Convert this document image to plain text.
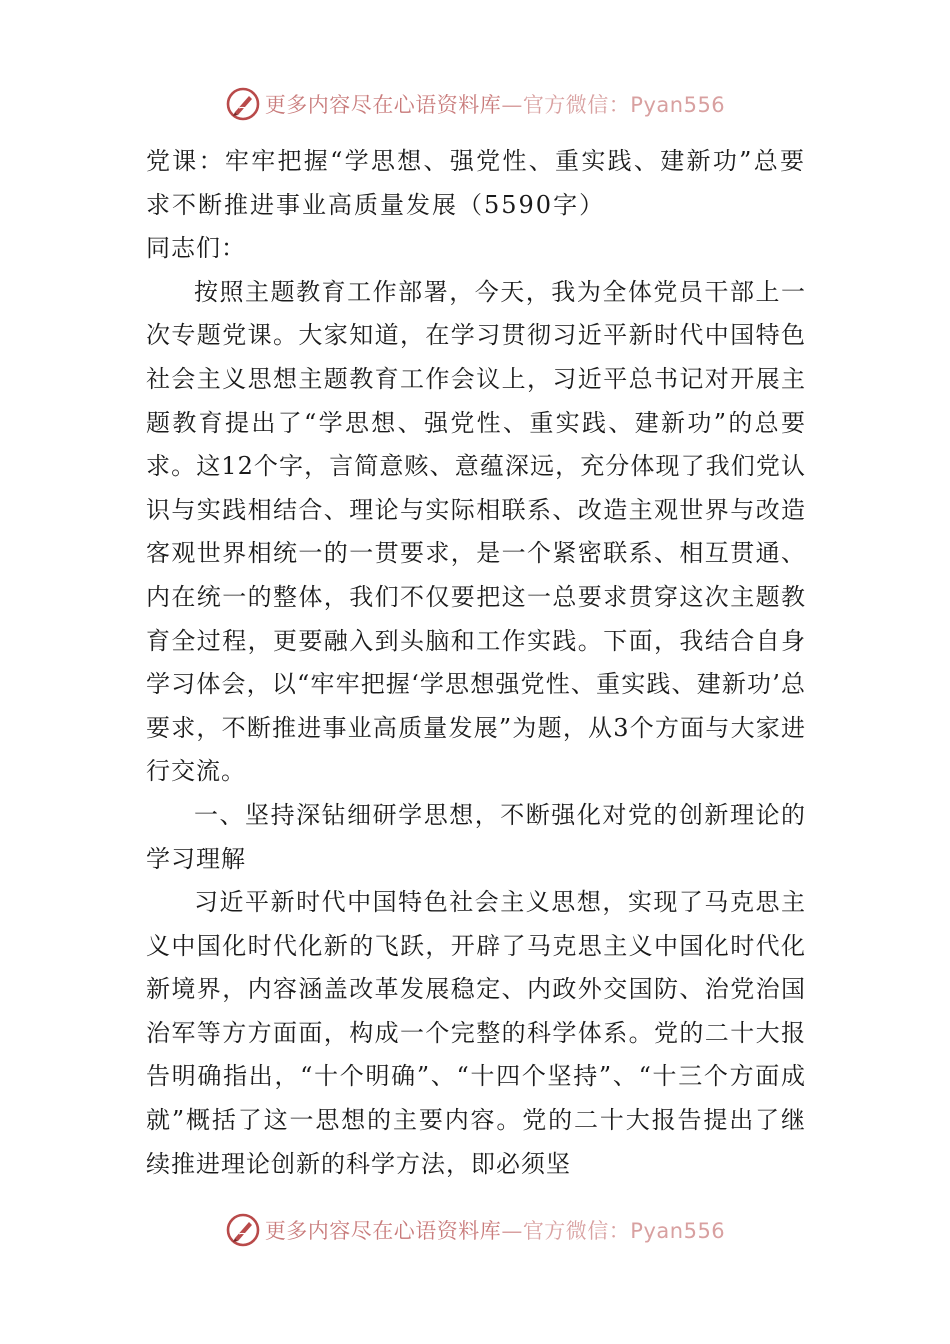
更多内容尽在心语资料库—官方微信：Pyan556

党课：牢牢把握“学思想、强党性、重实践、建新功”总要求不断推进事业高质量发展（5590字）

同志们：

按照主题教育工作部署，今天，我为全体党员干部上一次专题党课。大家知道，在学习贯彻习近平新时代中国特色社会主义思想主题教育工作会议上，习近平总书记对开展主题教育提出了“学思想、强党性、重实践、建新功”的总要求。这12个字，言简意赅、意蕴深远，充分体现了我们党认识与实践相结合、理论与实际相联系、改造主观世界与改造客观世界相统一的一贯要求，是一个紧密联系、相互贯通、内在统一的整体，我们不仅要把这一总要求贯穿这次主题教育全过程，更要融入到头脑和工作实践。下面，我结合自身学习体会，以“牢牢把握‘学思想强党性、重实践、建新功’总要求，不断推进事业高质量发展”为题，从3个方面与大家进行交流。

一、坚持深钻细研学思想，不断强化对党的创新理论的学习理解

习近平新时代中国特色社会主义思想，实现了马克思主义中国化时代化新的飞跃，开辟了马克思主义中国化时代化新境界，内容涵盖改革发展稳定、内政外交国防、治党治国治军等方方面面，构成一个完整的科学体系。党的二十大报告明确指出，“十个明确”、“十四个坚持”、“十三个方面成就”概括了这一思想的主要内容。党的二十大报告提出了继续推进理论创新的科学方法，即必须坚

更多内容尽在心语资料库—官方微信：Pyan556
